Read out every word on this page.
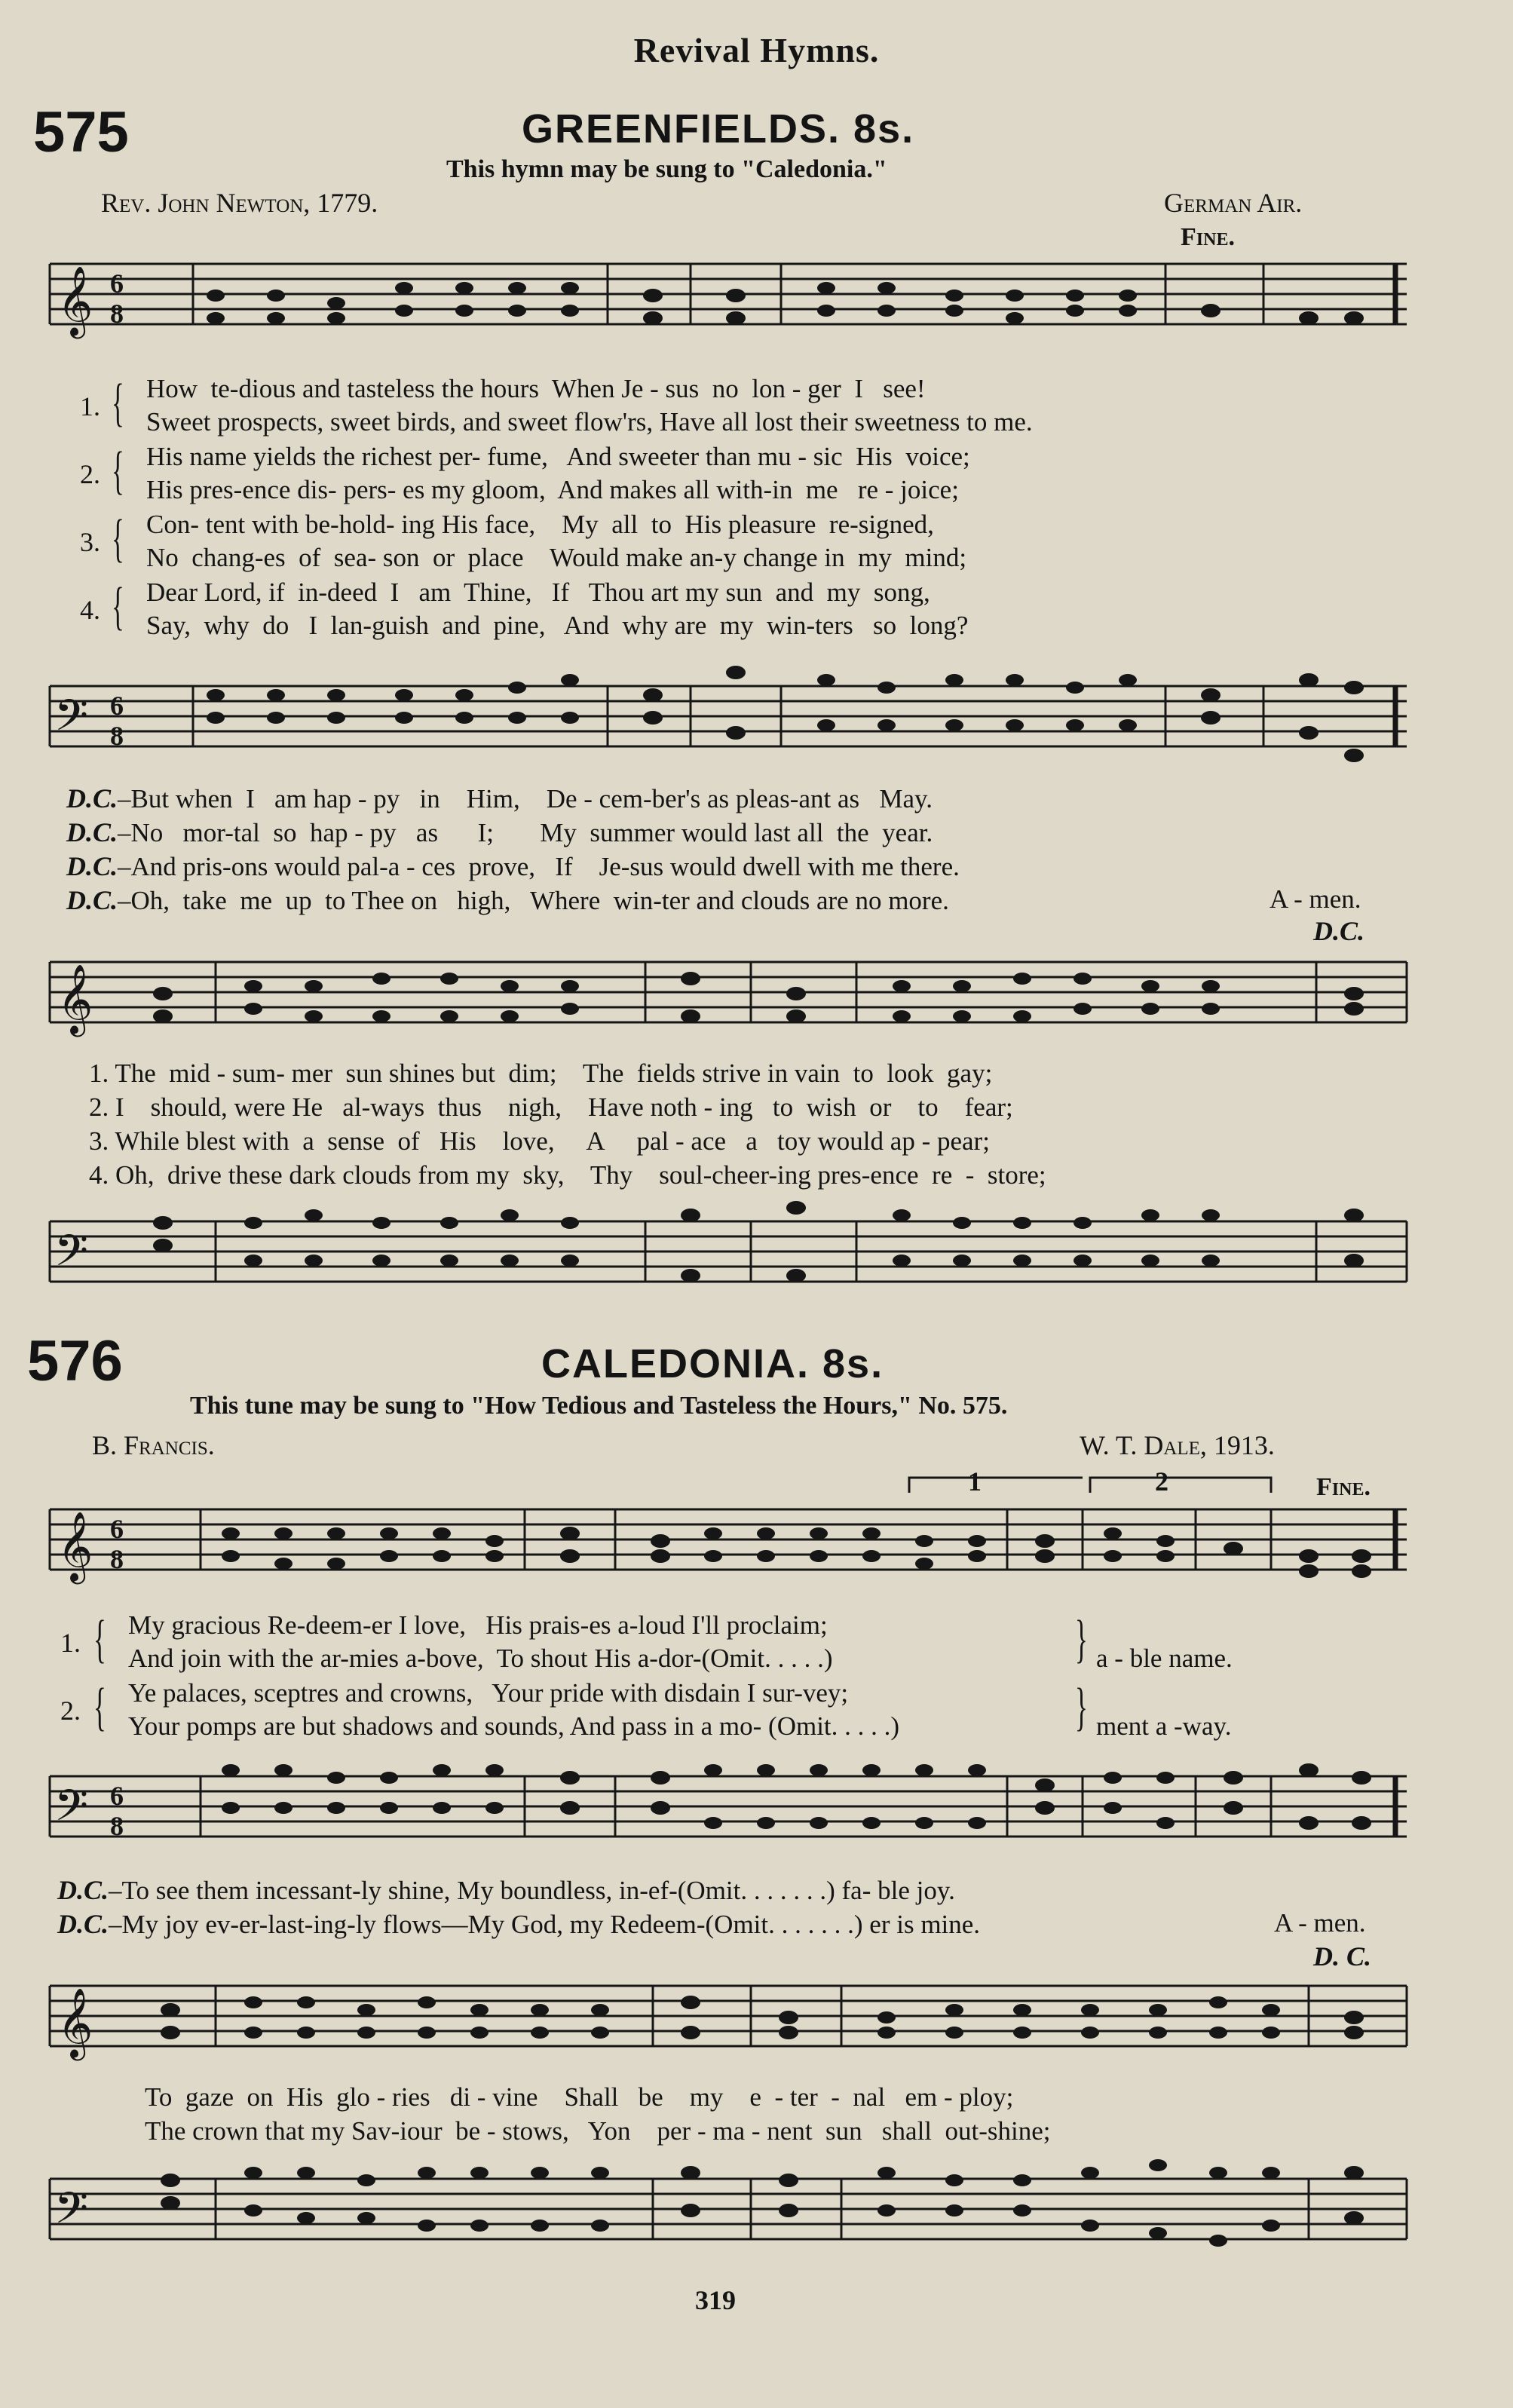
Revival Hymns.
575	GREENFIELDS. 8s.
This hymn may be sung to "Caledonia."
Rev. John Newton, 1779.	German Air.
Fine.
𝄞 6
8
1. { How  te-dious and tasteless the hours  When Je - sus  no  lon - ger  I   see!
Sweet prospects, sweet birds, and sweet flow'rs, Have all lost their sweetness to me.
2. { His name yields the richest per- fume,   And sweeter than mu - sic  His  voice;
His pres-ence dis- pers- es my gloom,  And makes all with-in  me   re - joice;
3. { Con- tent with be-hold- ing His face,    My  all  to  His pleasure  re-signed,
No  chang-es  of  sea- son  or  place    Would make an-y change in  my  mind;
4. { Dear Lord, if  in-deed  I   am  Thine,   If   Thou art my sun  and  my  song,
Say,  why  do   I  lan-guish  and  pine,   And  why are  my  win-ters   so  long?
𝄢 6
8
D.C.–But when  I   am hap - py   in    Him,    De - cem-ber's as pleas-ant as   May.
D.C.–No   mor-tal  so  hap - py   as      I;       My  summer would last all  the  year.
D.C.–And pris-ons would pal-a - ces  prove,   If    Je-sus would dwell with me there.
D.C.–Oh,  take  me  up  to Thee on   high,   Where  win-ter and clouds are no more.	A - men.
D.C.
𝄞
1. The  mid - sum- mer  sun shines but  dim;    The  fields strive in vain  to  look  gay;
2. I    should, were He   al-ways  thus    nigh,    Have noth - ing   to  wish  or    to    fear;
3. While blest with  a  sense  of   His    love,     A     pal - ace   a   toy would ap - pear;
4. Oh,  drive these dark clouds from my  sky,    Thy    soul-cheer-ing pres-ence  re  -  store;
𝄢
576	CALEDONIA. 8s.
This tune may be sung to "How Tedious and Tasteless the Hours," No. 575.
B. Francis.	W. T. Dale, 1913.
Fine.
1	2
𝄞 6
8
1. { My gracious Re-deem-er I love,   His prais-es a-loud I'll proclaim;
And join with the ar-mies a-bove,  To shout His a-dor-(Omit. . . . .)	} a - ble name.
2. { Ye palaces, sceptres and crowns,   Your pride with disdain I sur-vey;
Your pomps are but shadows and sounds, And pass in a mo- (Omit. . . . .)	} ment a -way.
𝄢 6
8
D.C.–To see them incessant-ly shine, My boundless, in-ef-(Omit. . . . . . .) fa- ble joy.
D.C.–My joy ev-er-last-ing-ly flows—My God, my Redeem-(Omit. . . . . . .) er is mine.	A - men.
D. C.
𝄞
To  gaze  on  His  glo - ries   di - vine    Shall   be    my    e  - ter  -  nal   em - ploy;
The crown that my Sav-iour  be - stows,   Yon    per - ma - nent  sun   shall  out-shine;
𝄢
319
